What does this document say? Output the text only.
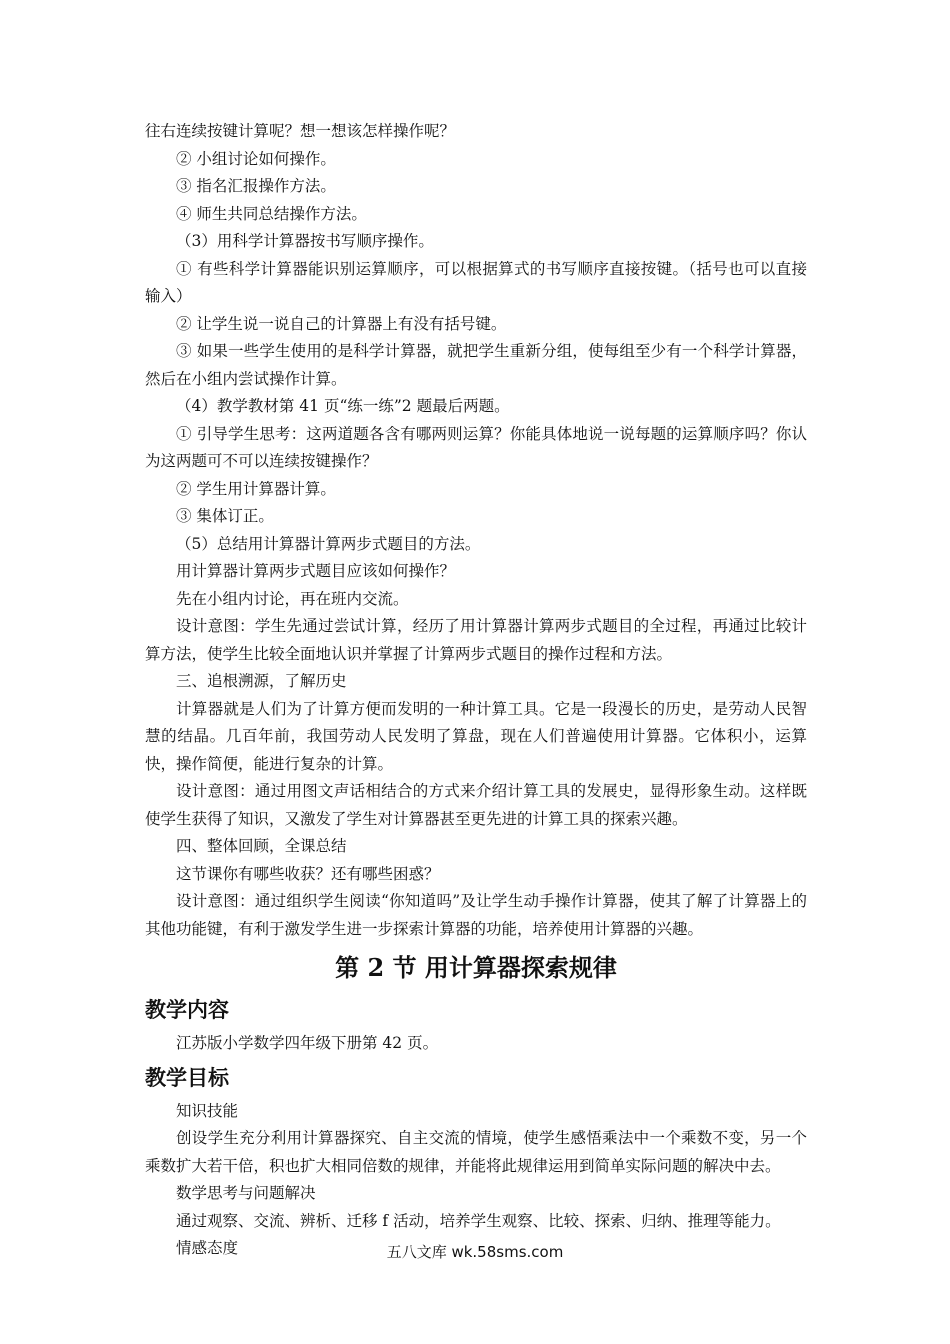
往右连续按键计算呢？想一想该怎样操作呢？

② 小组讨论如何操作。

③ 指名汇报操作方法。

④ 师生共同总结操作方法。

（3）用科学计算器按书写顺序操作。

① 有些科学计算器能识别运算顺序，可以根据算式的书写顺序直接按键。（括号也可以直接输入）

② 让学生说一说自己的计算器上有没有括号键。

③ 如果一些学生使用的是科学计算器，就把学生重新分组，使每组至少有一个科学计算器，然后在小组内尝试操作计算。

（4）教学教材第 41 页“练一练”2 题最后两题。

① 引导学生思考：这两道题各含有哪两则运算？你能具体地说一说每题的运算顺序吗？你认为这两题可不可以连续按键操作？

② 学生用计算器计算。

③ 集体订正。

（5）总结用计算器计算两步式题目的方法。

用计算器计算两步式题目应该如何操作？

先在小组内讨论，再在班内交流。

设计意图：学生先通过尝试计算，经历了用计算器计算两步式题目的全过程，再通过比较计算方法，使学生比较全面地认识并掌握了计算两步式题目的操作过程和方法。

三、追根溯源，了解历史

计算器就是人们为了计算方便而发明的一种计算工具。它是一段漫长的历史，是劳动人民智慧的结晶。几百年前，我国劳动人民发明了算盘，现在人们普遍使用计算器。它体积小，运算快，操作简便，能进行复杂的计算。

设计意图：通过用图文声话相结合的方式来介绍计算工具的发展史，显得形象生动。这样既使学生获得了知识，又激发了学生对计算器甚至更先进的计算工具的探索兴趣。

四、整体回顾，全课总结

这节课你有哪些收获？还有哪些困惑？

设计意图：通过组织学生阅读“你知道吗”及让学生动手操作计算器，使其了解了计算器上的其他功能键，有利于激发学生进一步探索计算器的功能，培养使用计算器的兴趣。

第 2 节 用计算器探索规律
教学内容

江苏版小学数学四年级下册第 42 页。

教学目标

知识技能

创设学生充分利用计算器探究、自主交流的情境，使学生感悟乘法中一个乘数不变，另一个乘数扩大若干倍，积也扩大相同倍数的规律，并能将此规律运用到简单实际问题的解决中去。

数学思考与问题解决

通过观察、交流、辨析、迁移 f 活动，培养学生观察、比较、探索、归纳、推理等能力。

情感态度	五八文库 wk.58sms.com
